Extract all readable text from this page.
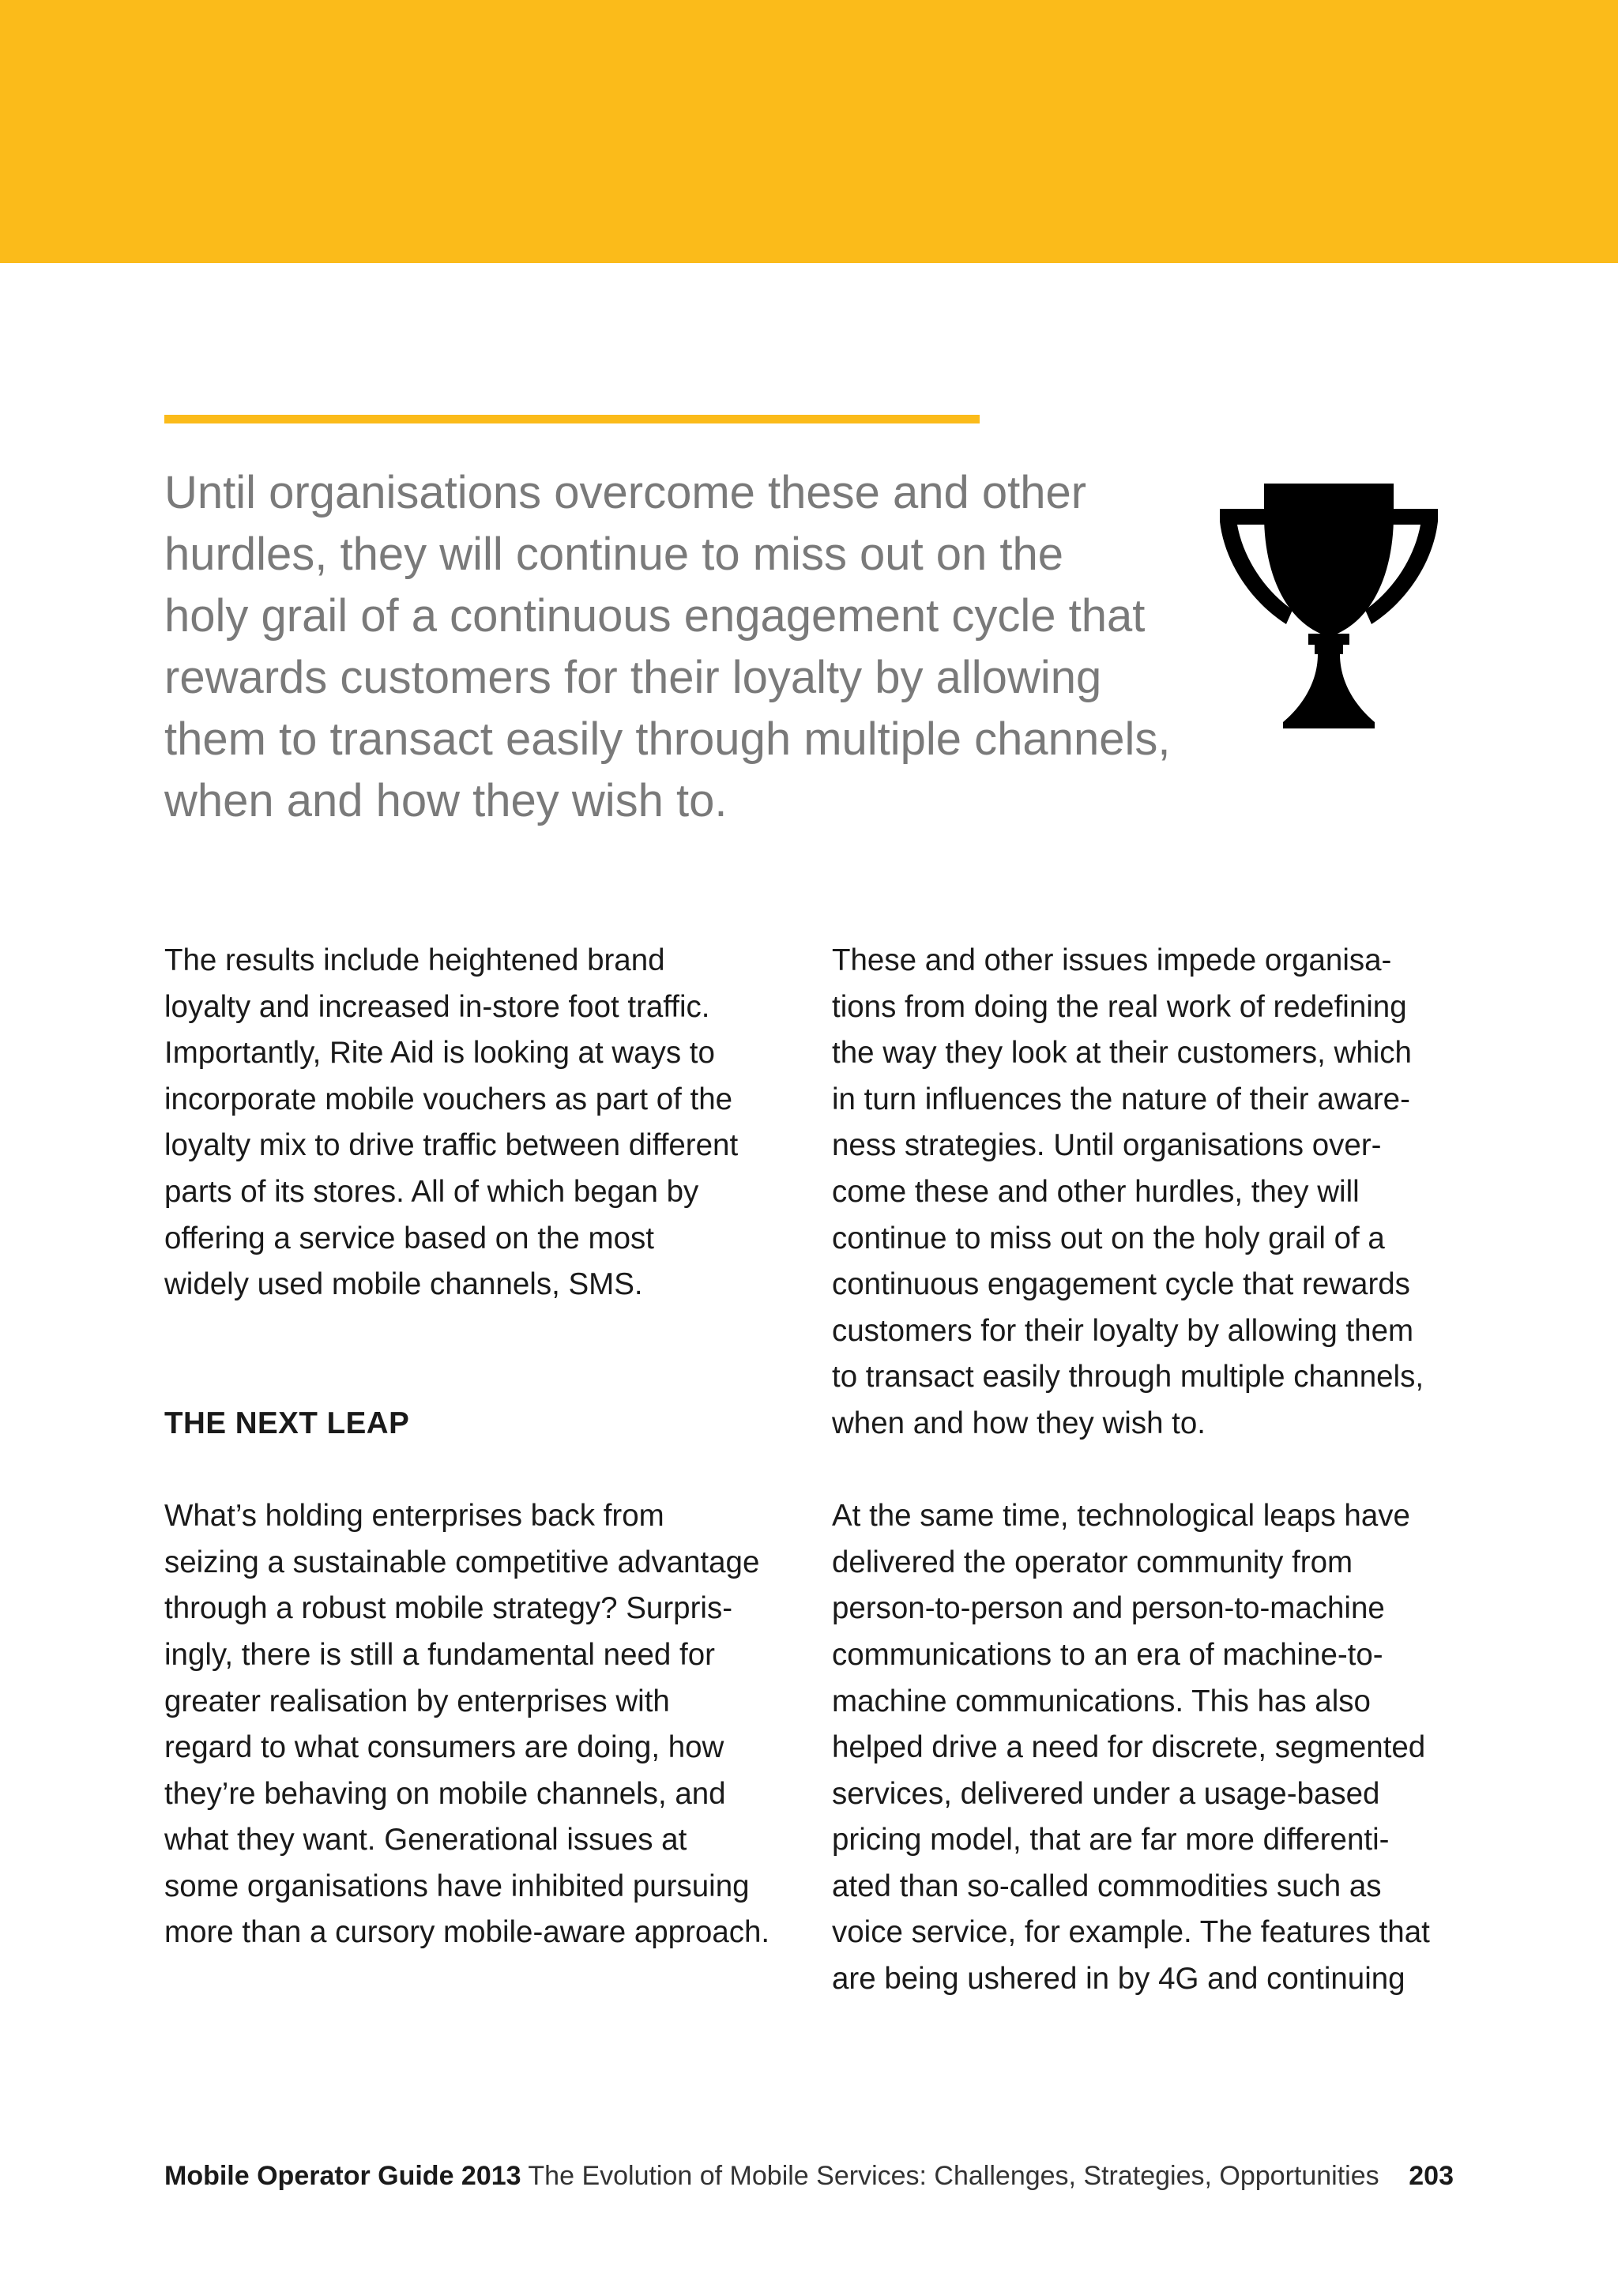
Until organisations overcome these and other
hurdles, they will continue to miss out on the
holy grail of a continuous engagement cycle that
rewards customers for their loyalty by allowing
them to transact easily through multiple channels,
when and how they wish to.
The results include heightened brand
loyalty and increased in-store foot traffic.
Importantly, Rite Aid is looking at ways to
incorporate mobile vouchers as part of the
loyalty mix to drive traffic between different
parts of its stores. All of which began by
offering a service based on the most
widely used mobile channels, SMS.
THE NEXT LEAP
What’s holding enterprises back from
seizing a sustainable competitive advantage
through a robust mobile strategy? Surpris-
ingly, there is still a fundamental need for
greater realisation by enterprises with
regard to what consumers are doing, how
they’re behaving on mobile channels, and
what they want. Generational issues at
some organisations have inhibited pursuing
more than a cursory mobile-aware approach.
These and other issues impede organisa-
tions from doing the real work of redefining
the way they look at their customers, which
in turn influences the nature of their aware-
ness strategies. Until organisations over-
come these and other hurdles, they will
continue to miss out on the holy grail of a
continuous engagement cycle that rewards
customers for their loyalty by allowing them
to transact easily through multiple channels,
when and how they wish to.
At the same time, technological leaps have
delivered the operator community from
person-to-person and person-to-machine
communications to an era of machine-to-
machine communications. This has also
helped drive a need for discrete, segmented
services, delivered under a usage-based
pricing model, that are far more differenti-
ated than so-called commodities such as
voice service, for example. The features that
are being ushered in by 4G and continuing
Mobile Operator Guide 2013 The Evolution of Mobile Services: Challenges, Strategies, Opportunities 203
